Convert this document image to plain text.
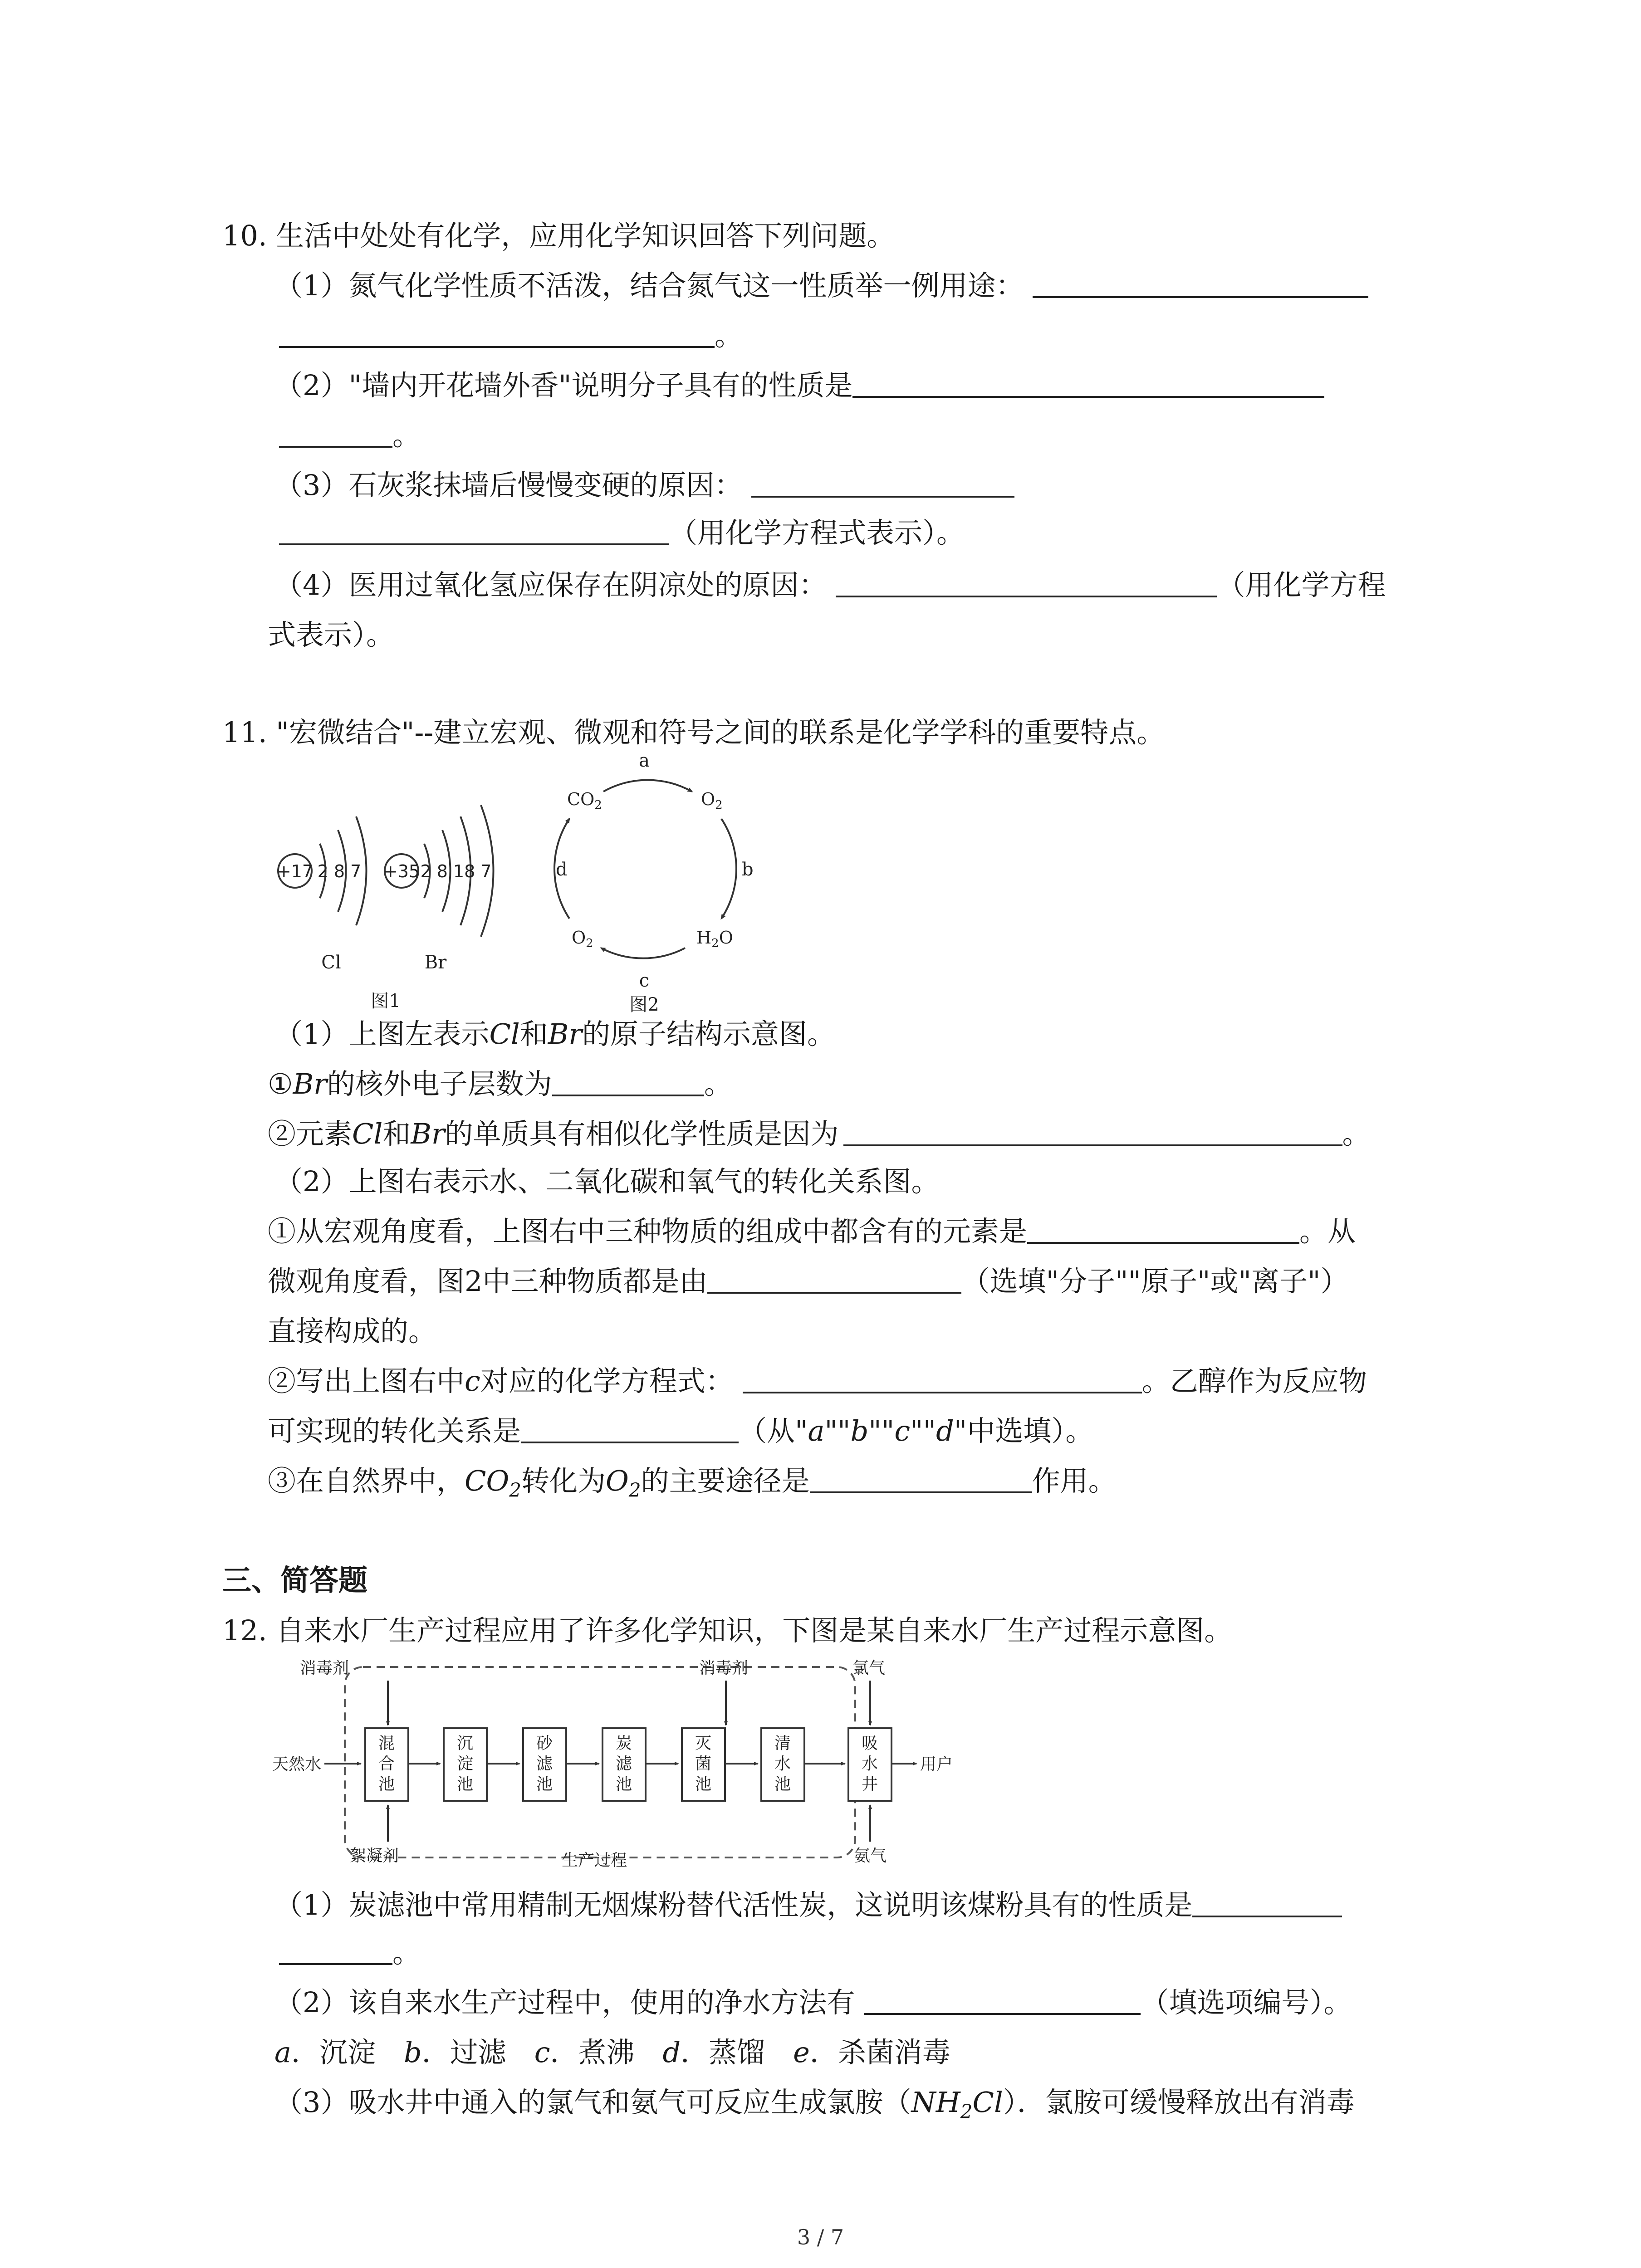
10. 生活中处处有化学，应用化学知识回答下列问题。
（1）氮气化学性质不活泼，结合氮气这一性质举一例用途：
。
（2）"墙内开花墙外香"说明分子具有的性质是
。
（3）石灰浆抹墙后慢慢变硬的原因：
（用化学方程式表示）。
（4）医用过氧化氢应保存在阴凉处的原因：	（用化学方程
式表示）。
11. "宏微结合"--建立宏观、微观和符号之间的联系是化学学科的重要特点。
+17 2 8 7
Cl
+35 2 8 18 7
Br
图1
a
$CO_2$	$O_2$
$H_2O$
$O_2$
b
c
d
图2
（1）上图左表示Cl和Br的原子结构示意图。
①Br的核外电子层数为	。
②元素Cl和Br的单质具有相似化学性质是因为	。
（2）上图右表示水、二氧化碳和氧气的转化关系图。
①从宏观角度看，上图右中三种物质的组成中都含有的元素是	。从
微观角度看，图2中三种物质都是由	（选填"分子""原子"或"离子"）
直接构成的。
②写出上图右中c对应的化学方程式：	。乙醇作为反应物
可实现的转化关系是	（从"a""b""c""d"中选填）。
③在自然界中，$CO_2$转化为$O_2$的主要途径是	作用。
三、简答题
12. 自来水厂生产过程应用了许多化学知识，下图是某自来水厂生产过程示意图。
消毒剂	消毒剂	氯气
天然水
混
合
池
沉
淀
池
砂
滤
池
炭
滤
池
灭
菌
池
清
水
池
吸
水
井
用户
絮凝剂	生产过程	氨气
（1）炭滤池中常用精制无烟煤粉替代活性炭，这说明该煤粉具有的性质是
。
（2）该自来水生产过程中，使用的净水方法有	（填选项编号）。
a．沉淀　b．过滤　c．煮沸　d．蒸馏　e．杀菌消毒
（3）吸水井中通入的氯气和氨气可反应生成氯胺$(NH_2Cl)$．氯胺可缓慢释放出有消毒
3 / 7
